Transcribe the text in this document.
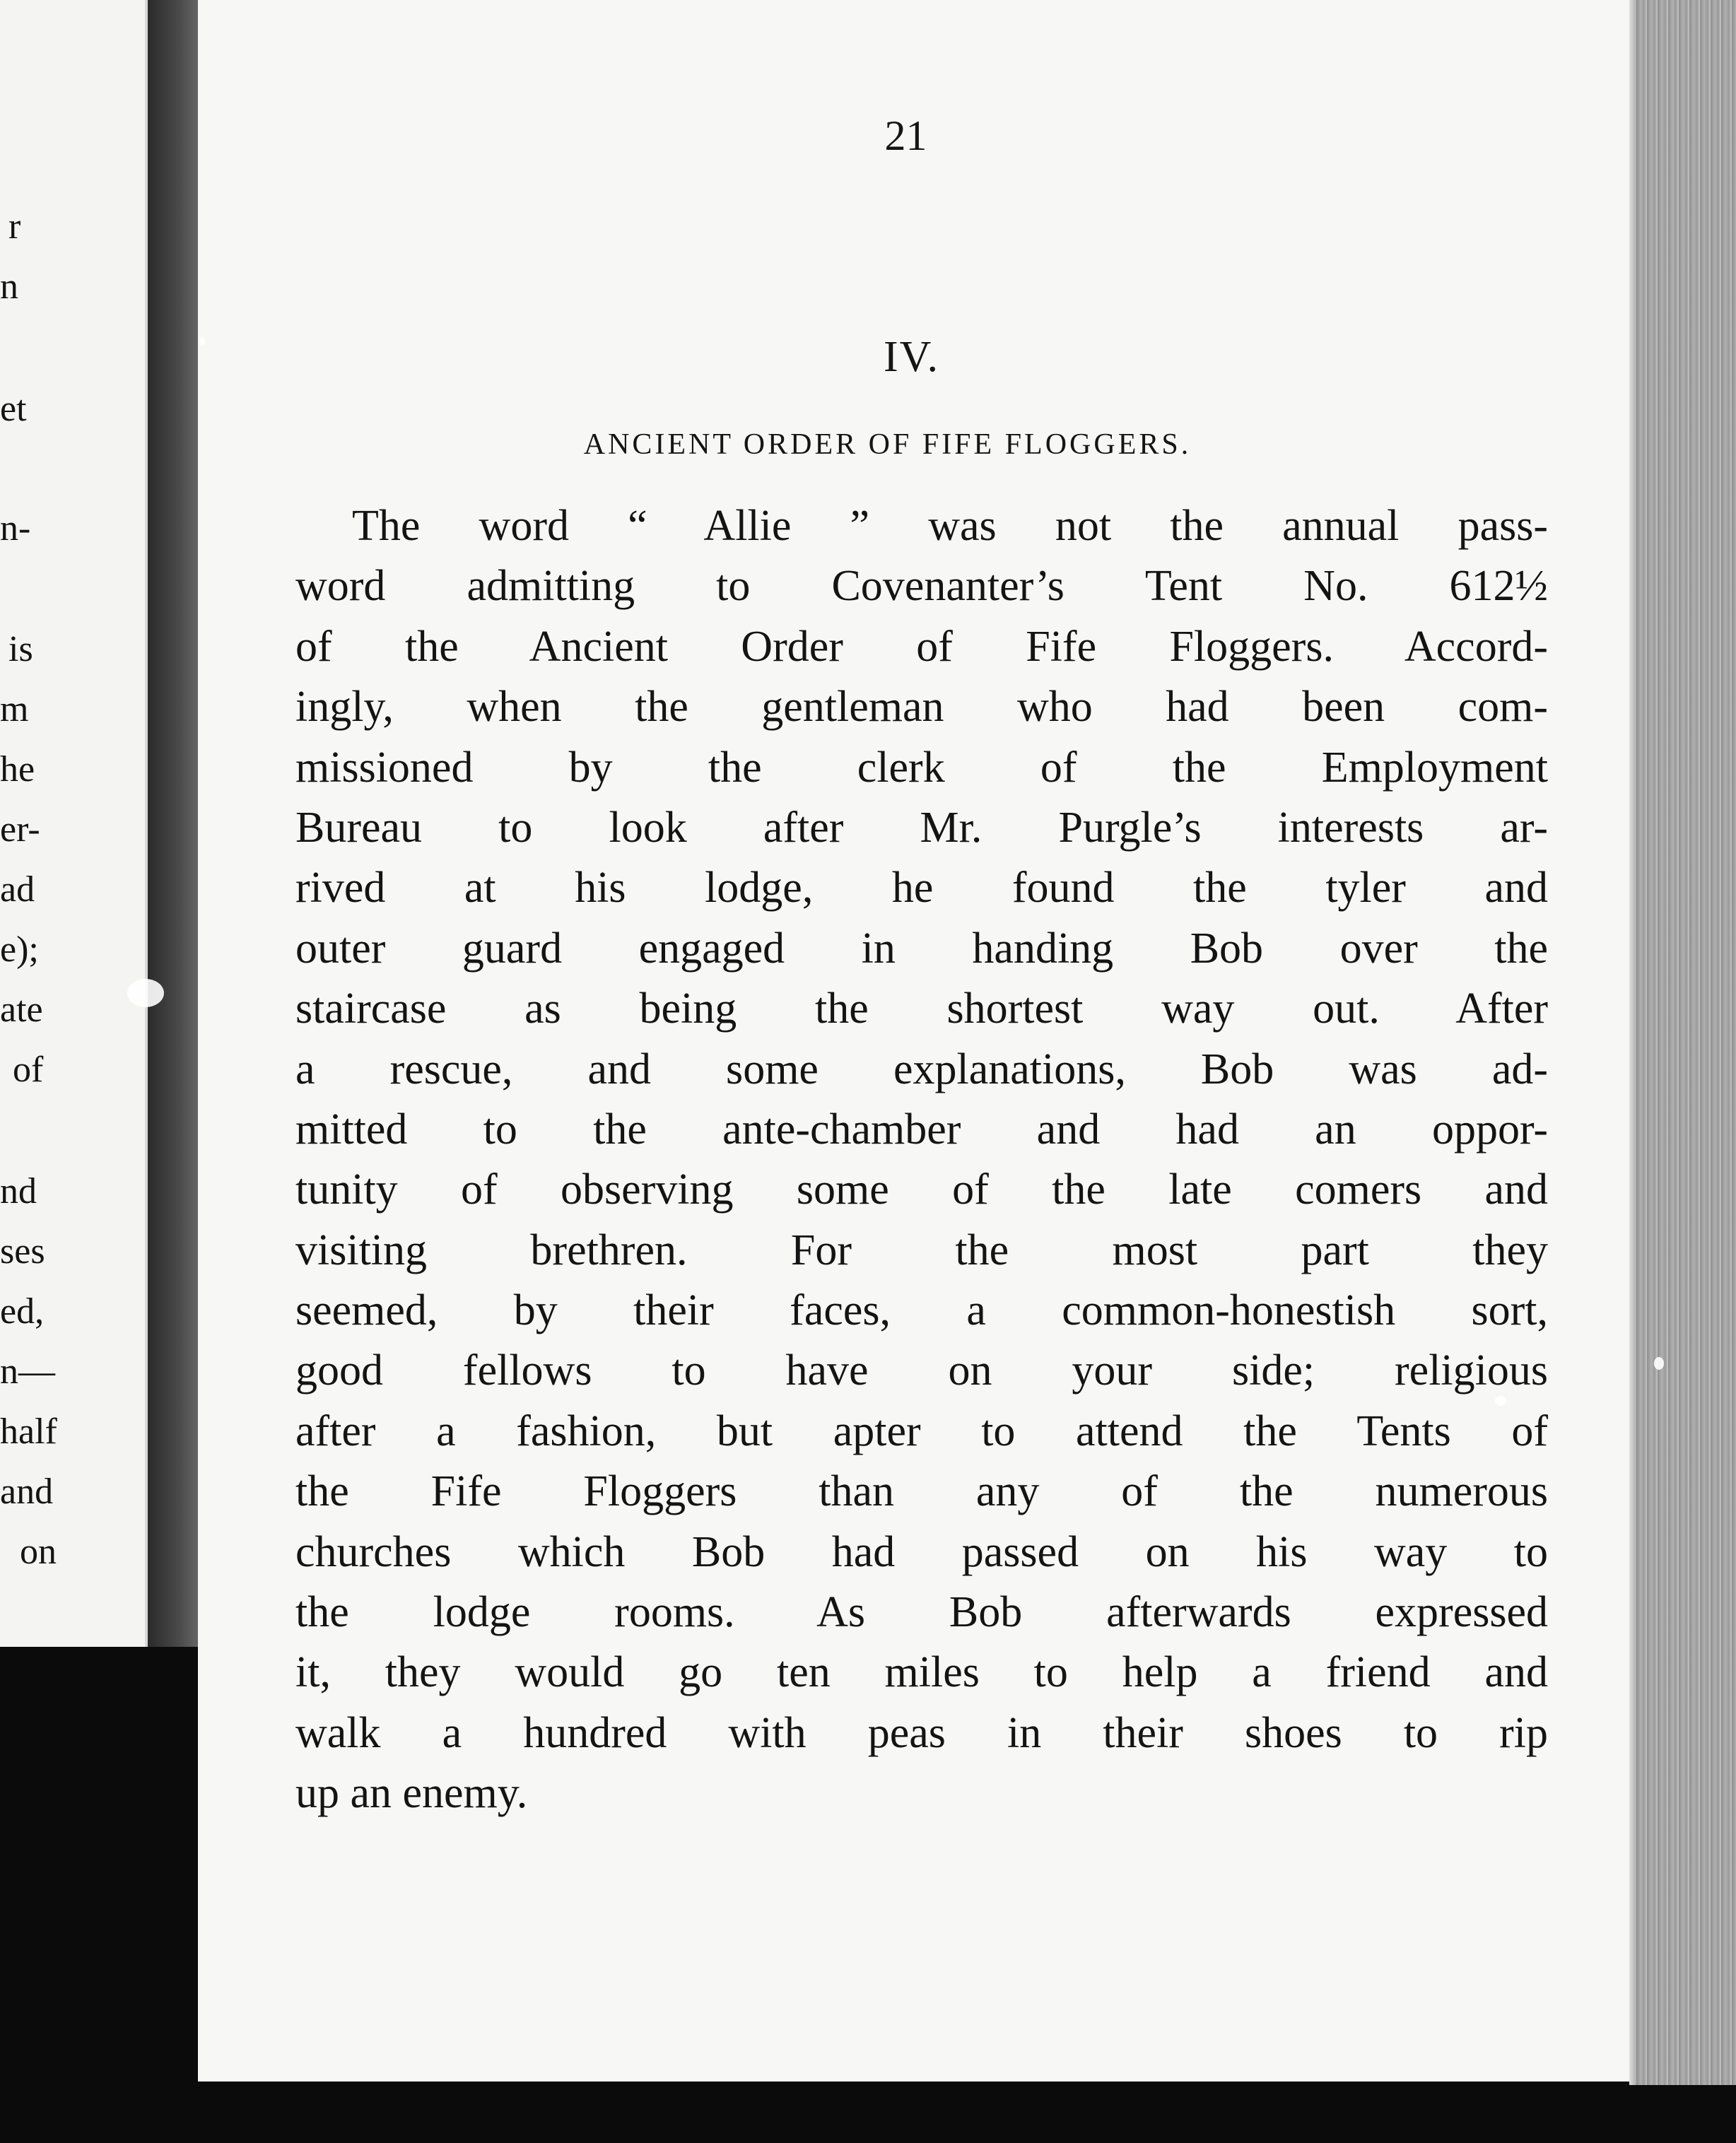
r
n
et
n-
is
m
he
er-
ad
e);
ate
of
nd
ses
ed,
n—
half
and
on
21
IV.
ANCIENT ORDER OF FIFE FLOGGERS.
The word “ Allie ” was not the annual pass-
word admitting to Covenanter’s Tent No. 612½
of the Ancient Order of Fife Floggers. Accord-
ingly, when the gentleman who had been com-
missioned by the clerk of the Employment
Bureau to look after Mr. Purgle’s interests ar-
rived at his lodge, he found the tyler and
outer guard engaged in handing Bob over the
staircase as being the shortest way out. After
a rescue, and some explanations, Bob was ad-
mitted to the ante-chamber and had an oppor-
tunity of observing some of the late comers and
visiting brethren. For the most part they
seemed, by their faces, a common-honestish sort,
good fellows to have on your side; religious
after a fashion, but apter to attend the Tents of
the Fife Floggers than any of the numerous
churches which Bob had passed on his way to
the lodge rooms. As Bob afterwards expressed
it, they would go ten miles to help a friend and
walk a hundred with peas in their shoes to rip
up an enemy.
